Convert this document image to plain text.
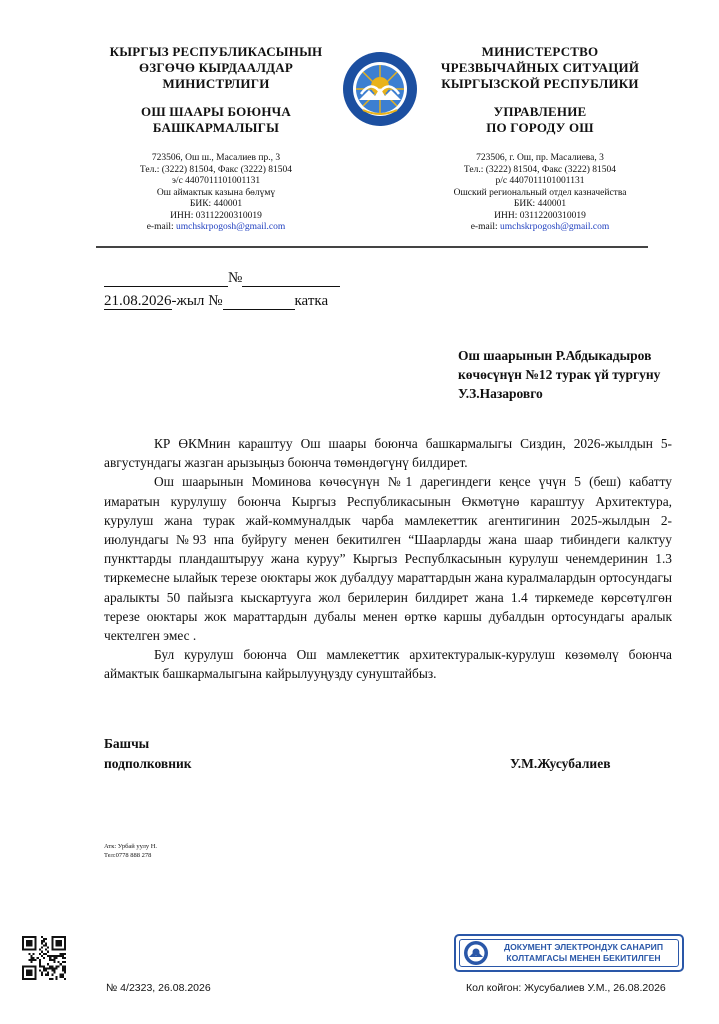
КЫРГЫЗ РЕСПУБЛИКАСЫНЫН
ӨЗГӨЧӨ КЫРДААЛДАР
МИНИСТРЛИГИ
ОШ ШААРЫ БОЮНЧА
БАШКАРМАЛЫГЫ
723506, Ош ш., Масалиев пр., 3
Тел.: (3222) 81504, Факс (3222) 81504
э/с 4407011101001131
Ош аймактык казына бөлүмү
БИК: 440001
ИНН: 03112200310019
e-mail: umchskrpogosh@gmail.com
МИНИСТЕРСТВО
ЧРЕЗВЫЧАЙНЫХ СИТУАЦИЙ
КЫРГЫЗСКОЙ РЕСПУБЛИКИ
УПРАВЛЕНИЕ
ПО ГОРОДУ ОШ
723506, г. Ош, пр. Масалиева, 3
Тел.: (3222) 81504, Факс (3222) 81504
р/с 4407011101001131
Ошский региональный отдел казначейства
БИК: 440001
ИНН: 03112200310019
e-mail: umchskrpogosh@gmail.com
№
21.08.2026-жыл №	катка
Ош шаарынын Р.Абдыкадыров
көчөсүнүн №12 турак үй тургуну
У.З.Назаровго

КР ӨКМнин караштуу Ош шаары боюнча башкармалыгы Сиздин, 2026-жылдын 5-августундагы жазган арызыңыз боюнча төмөндөгүнү билдирет.

Ош шаарынын Моминова көчөсүнүн №1 дарегиндеги кеңсе үчүн 5 (беш) кабатту имаратын курулушу боюнча Кыргыз Республикасынын Өкмөтүнө караштуу Архитектура, курулуш жана турак жай-коммуналдык чарба мамлекеттик агентигинин 2025-жылдын 2-июлундагы №93 нпа буйругу менен бекитилген “Шаарларды жана шаар тибиндеги калктуу пункттарды пландаштыруу жана куруу” Кыргыз Республкасынын курулуш ченемдеринин 1.3 тиркемесне ылайык терезе оюктары жок дубалдуу мараттардын жана куралмалардын ортосундагы аралыкты 50 пайызга кыскартууга жол берилерин билдирет жана 1.4 тиркемеде көрсөтүлгөн терезе оюктары жок мараттардын дубалы менен өрткө каршы дубалдын ортосундагы аралык чектелген эмес .

Бул курулуш боюнча Ош мамлекеттик архитектуралык-курулуш көзөмөлү боюнча аймактык башкармалыгына кайрылууңузду сунуштайбыз.

Башчы
подполковник	У.М.Жусубалиев
Атк: Урбай уулу Н.
Тел:0778 888 278
ДОКУМЕНТ ЭЛЕКТРОНДУК САНАРИП
КОЛТАМГАСЫ МЕНЕН БЕКИТИЛГЕН
№ 4/2323, 26.08.2026	Кол койгон: Жусубалиев У.М., 26.08.2026
